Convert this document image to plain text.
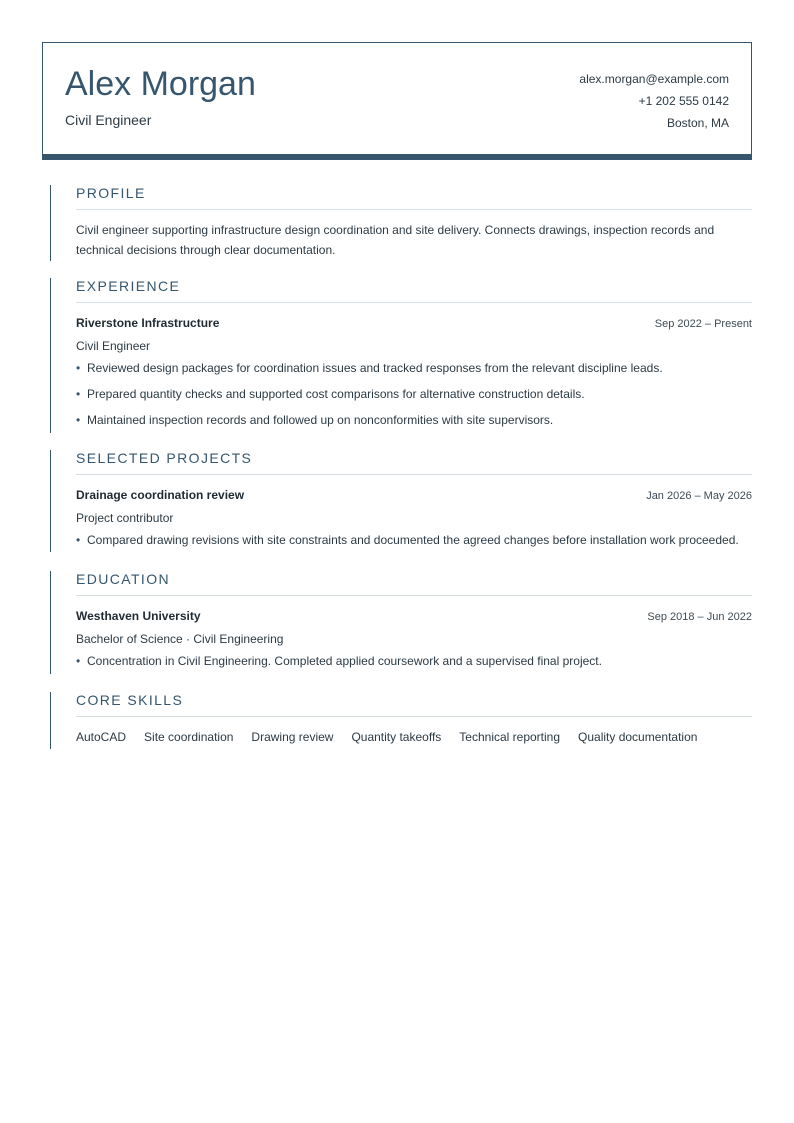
Alex Morgan
Civil Engineer
alex.morgan@example.com
+1 202 555 0142
Boston, MA
PROFILE
Civil engineer supporting infrastructure design coordination and site delivery. Connects drawings, inspection records and technical decisions through clear documentation.
EXPERIENCE
Riverstone Infrastructure	Sep 2022 – Present
Civil Engineer
• Reviewed design packages for coordination issues and tracked responses from the relevant discipline leads.
• Prepared quantity checks and supported cost comparisons for alternative construction details.
• Maintained inspection records and followed up on nonconformities with site supervisors.
SELECTED PROJECTS
Drainage coordination review	Jan 2026 – May 2026
Project contributor
• Compared drawing revisions with site constraints and documented the agreed changes before installation work proceeded.
EDUCATION
Westhaven University	Sep 2018 – Jun 2022
Bachelor of Science · Civil Engineering
• Concentration in Civil Engineering. Completed applied coursework and a supervised final project.
CORE SKILLS
AutoCAD Site coordination Drawing review Quantity takeoffs Technical reporting Quality documentation
